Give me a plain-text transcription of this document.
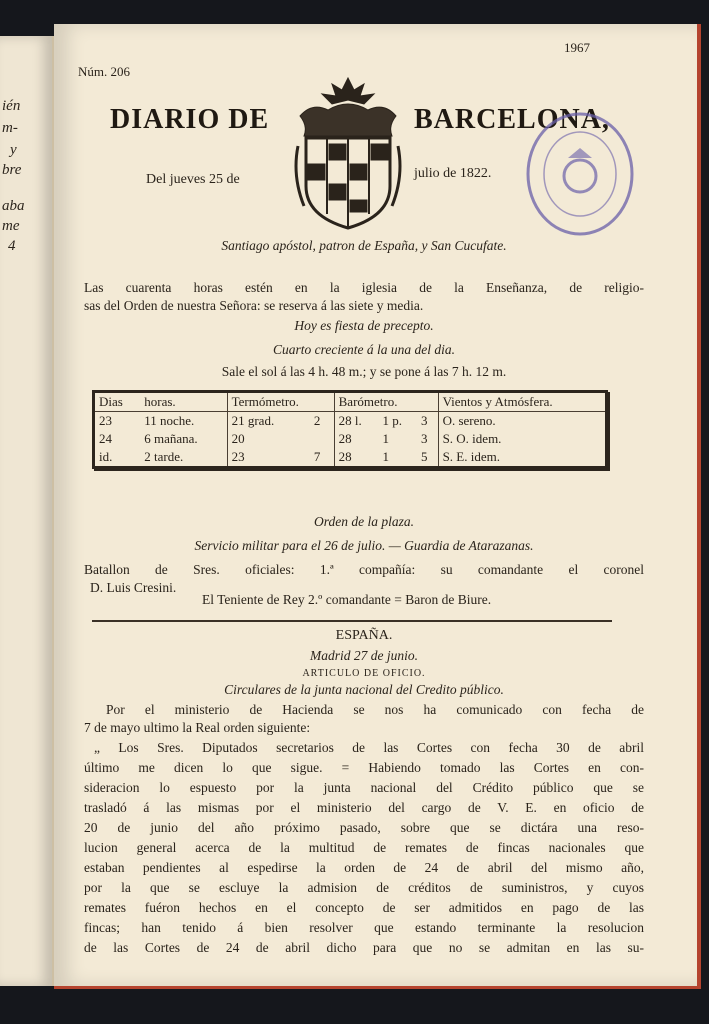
ién
m-
y
bre
aba
me
4
Núm. 206
1967
DIARIO DE	BARCELONA,
Del jueves 25 de	julio de 1822.
Santiago apóstol, patron de España, y San Cucufate.
Las cuarenta horas estén en la iglesia de la Enseñanza, de religio-
sas del Orden de nuestra Señora: se reserva á las siete y media.
Hoy es fiesta de precepto.
Cuarto creciente á la una del dia.
Sale el sol á las 4 h. 48 m.; y se pone á las 7 h. 12 m.
Dias	horas.	Termómetro.		Barómetro.			Vientos y Atmósfera.
23	11 noche.	21 grad.	2	28 l.	1 p.	3	O. sereno.
24	6 mañana.	20		28	1	3	S. O. idem.
id.	2 tarde.	23	7	28	1	5	S. E. idem.
Orden de la plaza.
Servicio militar para el 26 de julio. — Guardia de Atarazanas.
Batallon de Sres. oficiales: 1.ª compañía: su comandante el coronel
D. Luis Cresini.
El Teniente de Rey 2.º comandante = Baron de Biure.
ESPAÑA.
Madrid 27 de junio.
ARTICULO DE OFICIO.
Circulares de la junta nacional del Credito público.
Por el ministerio de Hacienda se nos ha comunicado con fecha de
7 de mayo ultimo la Real orden siguiente:
„ Los Sres. Diputados secretarios de las Cortes con fecha 30 de abril
último me dicen lo que sigue. = Habiendo tomado las Cortes en con-
sideracion lo espuesto por la junta nacional del Crédito público que se
trasladó á las mismas por el ministerio del cargo de V. E. en oficio de
20 de junio del año próximo pasado, sobre que se dictára una reso-
lucion general acerca de la multitud de remates de fincas nacionales que
estaban pendientes al espedirse la orden de 24 de abril del mismo año,
por la que se escluye la admision de créditos de suministros, y cuyos
remates fuéron hechos en el concepto de ser admitidos en pago de las
fincas; han tenido á bien resolver que estando terminante la resolucion
de las Cortes de 24 de abril dicho para que no se admitan en las su-
